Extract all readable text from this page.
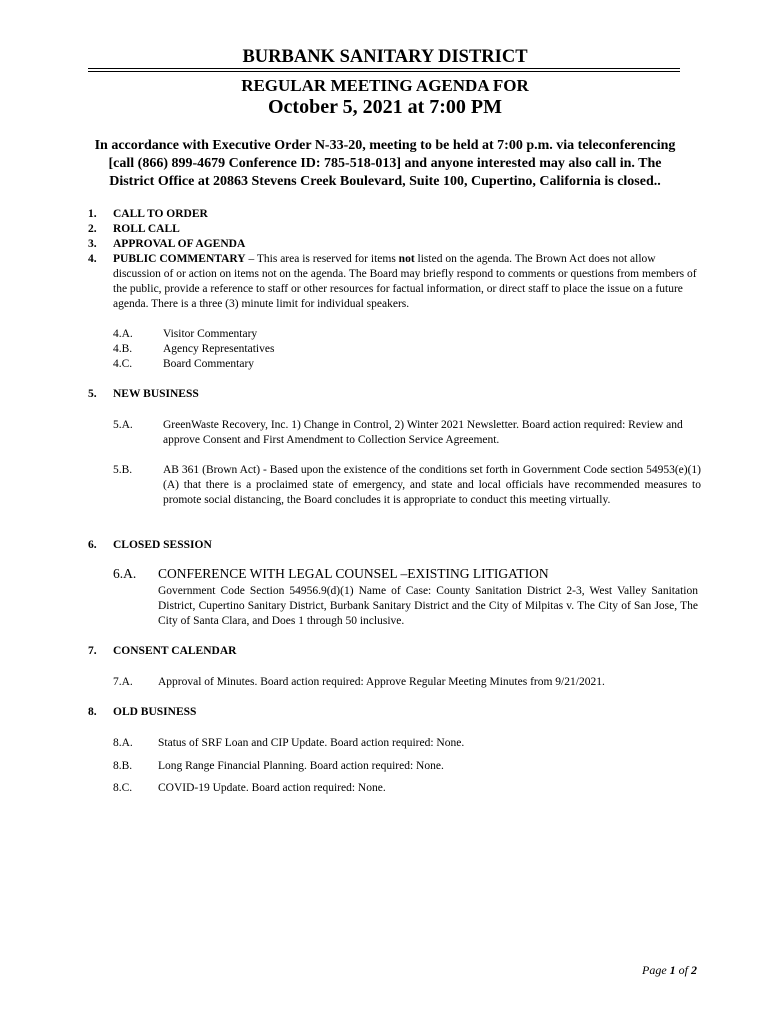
BURBANK SANITARY DISTRICT
REGULAR MEETING AGENDA FOR
October 5, 2021 at 7:00 PM
In accordance with Executive Order N-33-20, meeting to be held at 7:00 p.m. via teleconferencing
[call (866) 899-4679 Conference ID: 785-518-013] and anyone interested may also call in. The
District Office at 20863 Stevens Creek Boulevard, Suite 100, Cupertino, California is closed..
1. CALL TO ORDER
2. ROLL CALL
3. APPROVAL OF AGENDA
4. PUBLIC COMMENTARY – This area is reserved for items not listed on the agenda. The Brown Act does not allow discussion of or action on items not on the agenda. The Board may briefly respond to comments or questions from members of the public, provide a reference to staff or other resources for factual information, or direct staff to place the issue on a future agenda. There is a three (3) minute limit for individual speakers.
4.A.	Visitor Commentary
4.B.	Agency Representatives
4.C.	Board Commentary
5. NEW BUSINESS
5.A.	GreenWaste Recovery, Inc. 1) Change in Control, 2) Winter 2021 Newsletter. Board action required: Review and approve Consent and First Amendment to Collection Service Agreement.
5.B.	AB 361 (Brown Act) - Based upon the existence of the conditions set forth in Government Code section 54953(e)(1)(A) that there is a proclaimed state of emergency, and state and local officials have recommended measures to promote social distancing, the Board concludes it is appropriate to conduct this meeting virtually.
6. CLOSED SESSION
6.A. CONFERENCE WITH LEGAL COUNSEL –EXISTING LITIGATION
Government Code Section 54956.9(d)(1) Name of Case: County Sanitation District 2-3, West Valley Sanitation District, Cupertino Sanitary District, Burbank Sanitary District and the City of Milpitas v. The City of San Jose, The City of Santa Clara, and Does 1 through 50 inclusive.
7. CONSENT CALENDAR
7.A. Approval of Minutes. Board action required: Approve Regular Meeting Minutes from 9/21/2021.
8. OLD BUSINESS
8.A. Status of SRF Loan and CIP Update. Board action required: None.
8.B. Long Range Financial Planning. Board action required: None.
8.C. COVID-19 Update. Board action required: None.
Page 1 of 2
